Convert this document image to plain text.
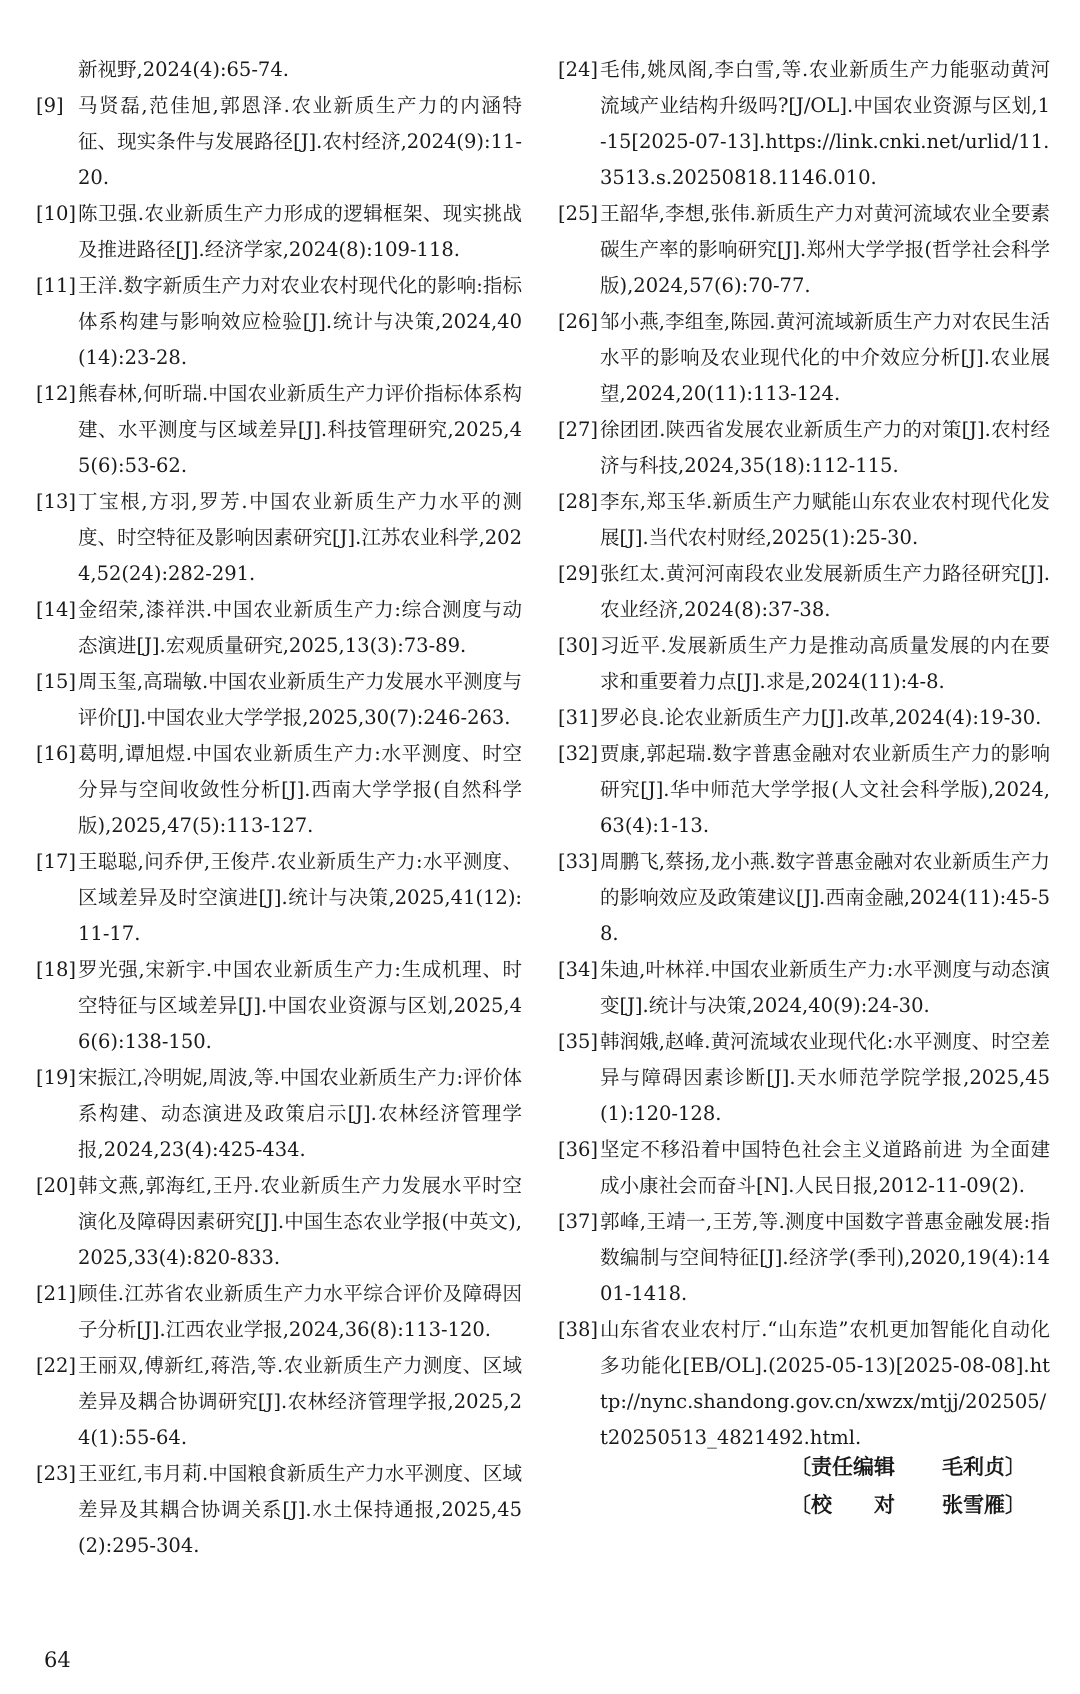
新视野,2024(4):65-74.
[9] 马贤磊,范佳旭,郭恩泽.农业新质生产力的内涵特征、现实条件与发展路径[J].农村经济,2024(9):11-20.
[10] 陈卫强.农业新质生产力形成的逻辑框架、现实挑战及推进路径[J].经济学家,2024(8):109-118.
[11] 王洋.数字新质生产力对农业农村现代化的影响:指标体系构建与影响效应检验[J].统计与决策,2024,40(14):23-28.
[12] 熊春林,何昕瑞.中国农业新质生产力评价指标体系构建、水平测度与区域差异[J].科技管理研究,2025,45(6):53-62.
[13] 丁宝根,方羽,罗芳.中国农业新质生产力水平的测度、时空特征及影响因素研究[J].江苏农业科学,2024,52(24):282-291.
[14] 金绍荣,漆祥洪.中国农业新质生产力:综合测度与动态演进[J].宏观质量研究,2025,13(3):73-89.
[15] 周玉玺,高瑞敏.中国农业新质生产力发展水平测度与评价[J].中国农业大学学报,2025,30(7):246-263.
[16] 葛明,谭旭煜.中国农业新质生产力:水平测度、时空分异与空间收敛性分析[J].西南大学学报(自然科学版),2025,47(5):113-127.
[17] 王聪聪,问乔伊,王俊芹.农业新质生产力:水平测度、区域差异及时空演进[J].统计与决策,2025,41(12):11-17.
[18] 罗光强,宋新宇.中国农业新质生产力:生成机理、时空特征与区域差异[J].中国农业资源与区划,2025,46(6):138-150.
[19] 宋振江,冷明妮,周波,等.中国农业新质生产力:评价体系构建、动态演进及政策启示[J].农林经济管理学报,2024,23(4):425-434.
[20] 韩文燕,郭海红,王丹.农业新质生产力发展水平时空演化及障碍因素研究[J].中国生态农业学报(中英文),2025,33(4):820-833.
[21] 顾佳.江苏省农业新质生产力水平综合评价及障碍因子分析[J].江西农业学报,2024,36(8):113-120.
[22] 王丽双,傅新红,蒋浩,等.农业新质生产力测度、区域差异及耦合协调研究[J].农林经济管理学报,2025,24(1):55-64.
[23] 王亚红,韦月莉.中国粮食新质生产力水平测度、区域差异及其耦合协调关系[J].水土保持通报,2025,45(2):295-304.
[24] 毛伟,姚凤阁,李白雪,等.农业新质生产力能驱动黄河流域产业结构升级吗?[J/OL].中国农业资源与区划,1-15[2025-07-13].https://link.cnki.net/urlid/11.3513.s.20250818.1146.010.
[25] 王韶华,李想,张伟.新质生产力对黄河流域农业全要素碳生产率的影响研究[J].郑州大学学报(哲学社会科学版),2024,57(6):70-77.
[26] 邹小燕,李组奎,陈园.黄河流域新质生产力对农民生活水平的影响及农业现代化的中介效应分析[J].农业展望,2024,20(11):113-124.
[27] 徐团团.陕西省发展农业新质生产力的对策[J].农村经济与科技,2024,35(18):112-115.
[28] 李东,郑玉华.新质生产力赋能山东农业农村现代化发展[J].当代农村财经,2025(1):25-30.
[29] 张红太.黄河河南段农业发展新质生产力路径研究[J].农业经济,2024(8):37-38.
[30] 习近平.发展新质生产力是推动高质量发展的内在要求和重要着力点[J].求是,2024(11):4-8.
[31] 罗必良.论农业新质生产力[J].改革,2024(4):19-30.
[32] 贾康,郭起瑞.数字普惠金融对农业新质生产力的影响研究[J].华中师范大学学报(人文社会科学版),2024,63(4):1-13.
[33] 周鹏飞,蔡扬,龙小燕.数字普惠金融对农业新质生产力的影响效应及政策建议[J].西南金融,2024(11):45-58.
[34] 朱迪,叶林祥.中国农业新质生产力:水平测度与动态演变[J].统计与决策,2024,40(9):24-30.
[35] 韩润娥,赵峰.黄河流域农业现代化:水平测度、时空差异与障碍因素诊断[J].天水师范学院学报,2025,45(1):120-128.
[36] 坚定不移沿着中国特色社会主义道路前进 为全面建成小康社会而奋斗[N].人民日报,2012-11-09(2).
[37] 郭峰,王靖一,王芳,等.测度中国数字普惠金融发展:指数编制与空间特征[J].经济学(季刊),2020,19(4):1401-1418.
[38] 山东省农业农村厅.“山东造”农机更加智能化自动化多功能化[EB/OL].(2025-05-13)[2025-08-08].http://nync.shandong.gov.cn/xwzx/mtjj/202505/t20250513_4821492.html.
〔责任编辑	毛利贞〕
〔校　　对	张雪雁〕
64
